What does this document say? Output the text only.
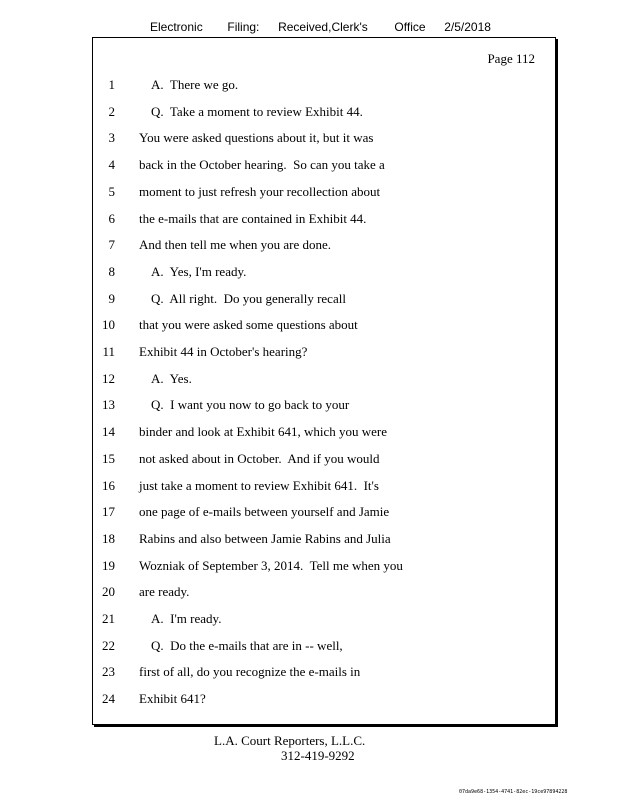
Electronic Filing: Received,Clerk's Office 2/5/2018
Page 112
1	A.  There we go.
2	Q.  Take a moment to review Exhibit 44.
3 You were asked questions about it, but it was
4 back in the October hearing.  So can you take a
5 moment to just refresh your recollection about
6 the e-mails that are contained in Exhibit 44.
7 And then tell me when you are done.
8	A.  Yes, I'm ready.
9	Q.  All right.  Do you generally recall
10 that you were asked some questions about
11 Exhibit 44 in October's hearing?
12	A.  Yes.
13	Q.  I want you now to go back to your
14 binder and look at Exhibit 641, which you were
15 not asked about in October.  And if you would
16 just take a moment to review Exhibit 641.  It's
17 one page of e-mails between yourself and Jamie
18 Rabins and also between Jamie Rabins and Julia
19 Wozniak of September 3, 2014.  Tell me when you
20 are ready.
21	A.  I'm ready.
22	Q.  Do the e-mails that are in -- well,
23 first of all, do you recognize the e-mails in
24 Exhibit 641?
L.A. Court Reporters, L.L.C.
312-419-9292
07da9e68-1354-4741-82ec-19ce97894228
